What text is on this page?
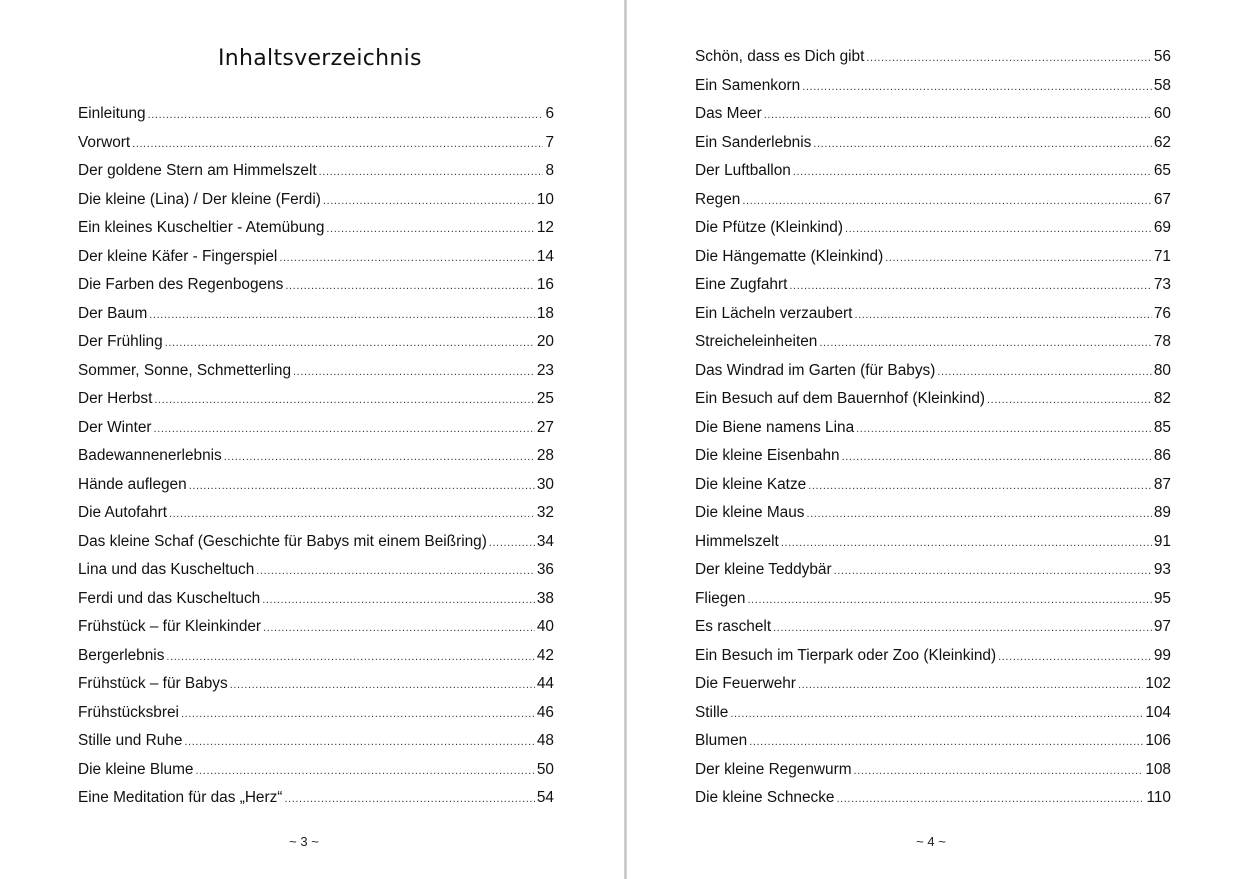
Inhaltsverzeichnis
Einleitung .....	6
Vorwort .....	7
Der goldene Stern am Himmelszelt .....	8
Die kleine (Lina) / Der kleine (Ferdi) .....	10
Ein kleines Kuscheltier - Atemübung .....	12
Der kleine Käfer - Fingerspiel .....	14
Die Farben des Regenbogens .....	16
Der Baum .....	18
Der Frühling .....	20
Sommer, Sonne, Schmetterling .....	23
Der Herbst .....	25
Der Winter .....	27
Badewannenerlebnis .....	28
Hände auflegen .....	30
Die Autofahrt .....	32
Das kleine Schaf (Geschichte für Babys mit einem Beißring) .....	34
Lina und das Kuscheltuch .....	36
Ferdi und das Kuscheltuch .....	38
Frühstück – für Kleinkinder .....	40
Bergerlebnis .....	42
Frühstück – für Babys .....	44
Frühstücksbrei .....	46
Stille und Ruhe .....	48
Die kleine Blume .....	50
Eine Meditation für das „Herz“ .....	54
~ 3 ~
Schön, dass es Dich gibt .....	56
Ein Samenkorn .....	58
Das Meer .....	60
Ein Sanderlebnis .....	62
Der Luftballon .....	65
Regen .....	67
Die Pfütze (Kleinkind) .....	69
Die Hängematte (Kleinkind) .....	71
Eine Zugfahrt .....	73
Ein Lächeln verzaubert .....	76
Streicheleinheiten .....	78
Das Windrad im Garten (für Babys) .....	80
Ein Besuch auf dem Bauernhof (Kleinkind) .....	82
Die Biene namens Lina .....	85
Die kleine Eisenbahn .....	86
Die kleine Katze .....	87
Die kleine Maus .....	89
Himmelszelt .....	91
Der kleine Teddybär .....	93
Fliegen .....	95
Es raschelt .....	97
Ein Besuch im Tierpark oder Zoo (Kleinkind) .....	99
Die Feuerwehr .....	102
Stille .....	104
Blumen .....	106
Der kleine Regenwurm .....	108
Die kleine Schnecke .....	110
~ 4 ~
